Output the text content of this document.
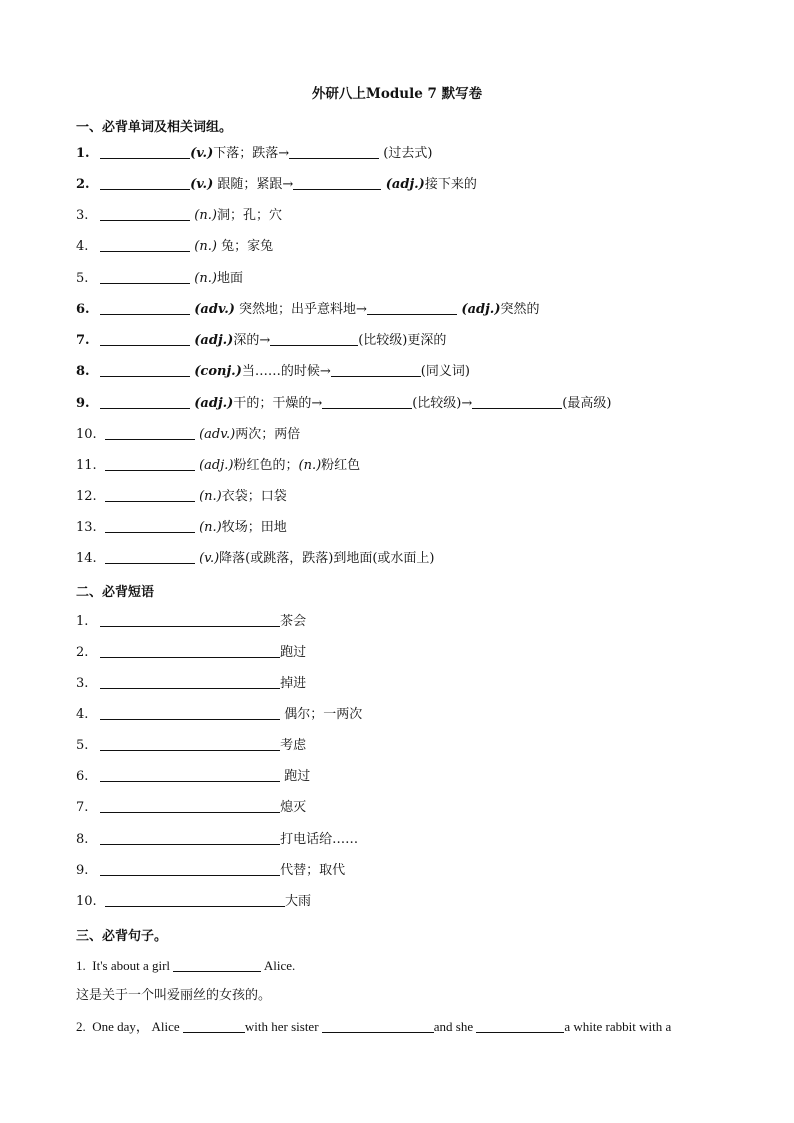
外研八上Module 7 默写卷
一、必背单词及相关词组。
1.	(v.)下落；跌落→	(过去式)
2.	(v.) 跟随；紧跟→	(adj.)接下来的
3.	(n.)洞；孔；穴
4.	(n.) 兔；家兔
5.	(n.)地面
6.	(adv.) 突然地；出乎意料地→	(adj.)突然的
7.	(adj.)深的→	(比较级)更深的
8.	(conj.)当……的时候→	(同义词)
9.	(adj.)干的；干燥的→	(比较级)→	(最高级)
10.	(adv.)两次；两倍
11.	(adj.)粉红色的；(n.)粉红色
12.	(n.)衣袋；口袋
13.	(n.)牧场；田地
14.	(v.)降落(或跳落，跌落)到地面(或水面上)
二、必背短语
1.	茶会
2.	跑过
3.	掉进
4.	偶尔；一两次
5.	考虑
6.	跑过
7.	熄灭
8.	打电话给……
9.	代替；取代
10.	大雨
三、必背句子。
1. It's about a girl	Alice.
这是关于一个叫爱丽丝的女孩的。
2. One day， Alice	with her sister	and she	a white rabbit with a
